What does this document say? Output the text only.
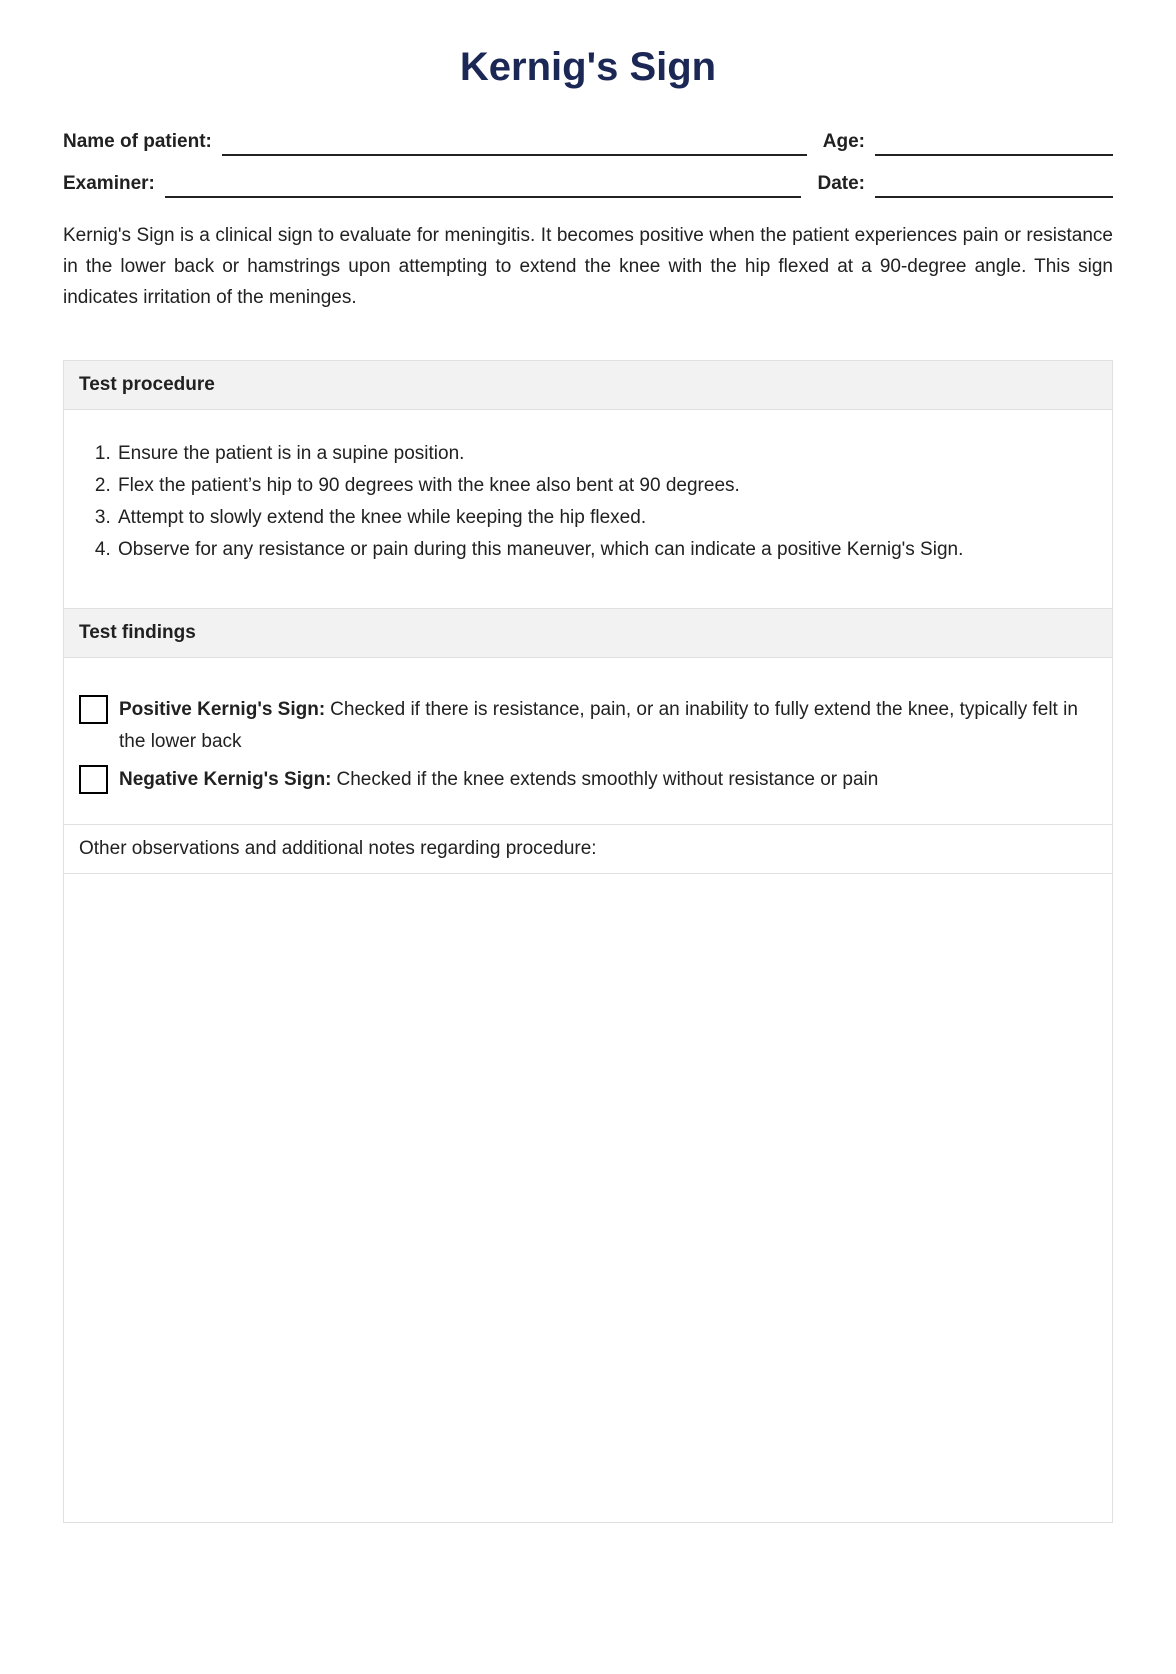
Kernig's Sign
Name of patient:	Age:
Examiner:	Date:

Kernig's Sign is a clinical sign to evaluate for meningitis. It becomes positive when the patient experiences pain or resistance in the lower back or hamstrings upon attempting to extend the knee with the hip flexed at a 90-degree angle. This sign indicates irritation of the meninges.

Test procedure
1. Ensure the patient is in a supine position.
2. Flex the patient’s hip to 90 degrees with the knee also bent at 90 degrees.
3. Attempt to slowly extend the knee while keeping the hip flexed.
4. Observe for any resistance or pain during this maneuver, which can indicate a positive Kernig's Sign.
Test findings
Positive Kernig's Sign: Checked if there is resistance, pain, or an inability to fully extend the knee, typically felt in the lower back
Negative Kernig's Sign: Checked if the knee extends smoothly without resistance or pain
Other observations and additional notes regarding procedure:
